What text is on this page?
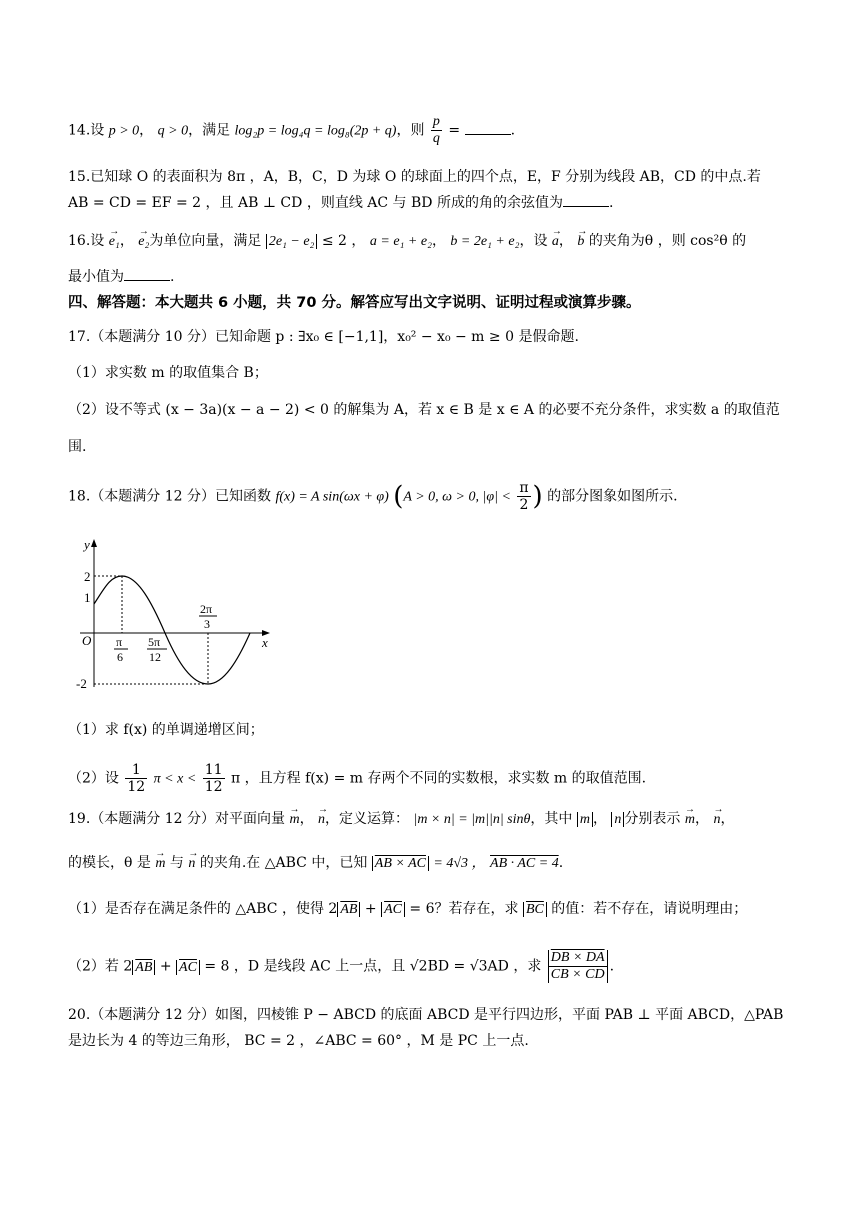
14.设 p > 0， q > 0，满足 log₂p = log₄q = log₈(2p + q)，则 $\frac{p}{q}$ =	.
15.已知球 O 的表面积为 8π ，A，B，C，D 为球 O 的球面上的四个点，E，F 分别为线段 AB，CD 的中点.若
AB = CD = EF = 2 ，且 AB ⊥ CD ，则直线 AC 与 BD 所成的角的余弦值为	.
16.设 → e₁， → e₂为单位向量，满足 2e₁ − e₂ ≤ 2 ， a = e₁ + e₂， b = 2e₁ + e₂，设 → a， → b 的夹角为θ ，则 cos²θ 的
最小值为	.
四、解答题：本大题共 6 小题，共 70 分。解答应写出文字说明、证明过程或演算步骤。
17.（本题满分 10 分）已知命题 p : ∃x₀ ∈ [−1,1]，x₀² − x₀ − m ≥ 0 是假命题.
（1）求实数 m 的取值集合 B；
（2）设不等式 (x − 3a)(x − a − 2) < 0 的解集为 A，若 x ∈ B 是 x ∈ A 的必要不充分条件，求实数 a 的取值范
围.
18.（本题满分 12 分）已知函数 f(x) = A sin(ωx + φ) (A > 0, ω > 0, $|\varphi| < \frac{\pi}{2}$ ) 的部分图象如图所示.
y
x
O
2
1
-2
π
6
5π
12
2π
3
（1）求 f(x) 的单调递增区间；
（2）设 $\frac{1}{12}$ $\pi < x < \frac{11}{12}$ π ，且方程 f(x) = m 存两个不同的实数根，求实数 m 的取值范围.
19.（本题满分 12 分）对平面向量 → m， → n，定义运算： |m × n| = |m||n| sinθ，其中 m ， n 分别表示 → m， → n，
的模长，θ 是 → m 与 → n 的夹角.在 △ABC 中，已知 AB × AC = 4√3 ， AB · AC = 4.
（1）是否存在满足条件的 △ABC ，使得 2 $\overline{AB} + \overline{AC} = 6$？若存在，求 $\overline{BC}$ 的值：若不存在，请说明理由；
（2）若 2 $\overline{AB} + \overline{AC} = 8$ ，D 是线段 AC 上一点，且 √2BD = √3AD ，求 $\frac{DB \times DA}{CB \times CD}$ .
20.（本题满分 12 分）如图，四棱锥 P − ABCD 的底面 ABCD 是平行四边形，平面 PAB ⊥ 平面 ABCD，△PAB
是边长为 4 的等边三角形， BC = 2 ，∠ABC = 60° ，M 是 PC 上一点.
